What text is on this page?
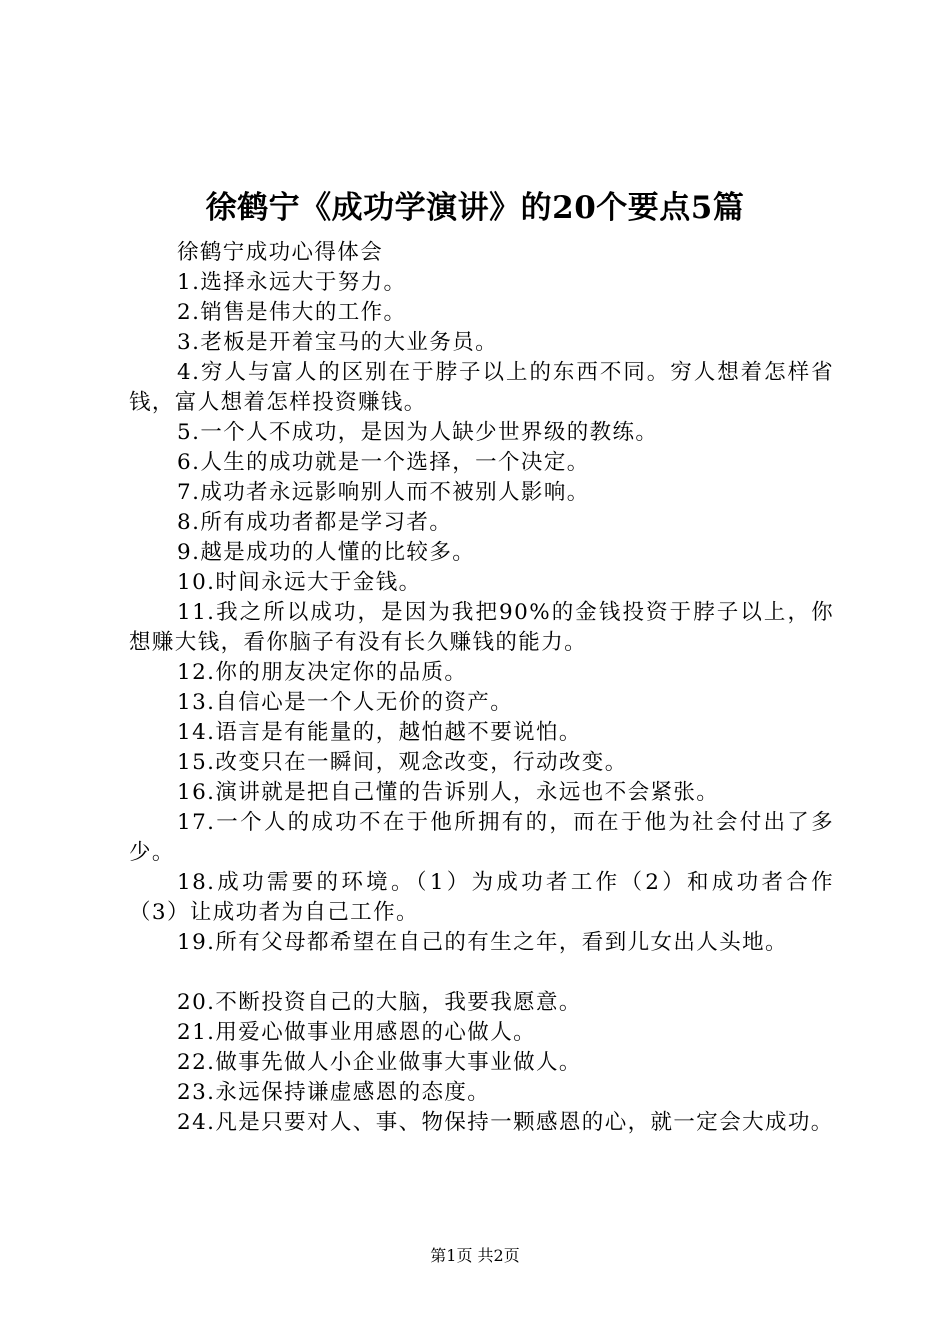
徐鹤宁《成功学演讲》的20个要点5篇

徐鹤宁成功心得体会

1.选择永远大于努力。

2.销售是伟大的工作。

3.老板是开着宝马的大业务员。

4.穷人与富人的区别在于脖子以上的东西不同。穷人想着怎样省钱，富人想着怎样投资赚钱。

5.一个人不成功，是因为人缺少世界级的教练。

6.人生的成功就是一个选择，一个决定。

7.成功者永远影响别人而不被别人影响。

8.所有成功者都是学习者。

9.越是成功的人懂的比较多。

10.时间永远大于金钱。

11.我之所以成功，是因为我把90%的金钱投资于脖子以上，你想赚大钱，看你脑子有没有长久赚钱的能力。

12.你的朋友决定你的品质。

13.自信心是一个人无价的资产。

14.语言是有能量的，越怕越不要说怕。

15.改变只在一瞬间，观念改变，行动改变。

16.演讲就是把自己懂的告诉别人，永远也不会紧张。

17.一个人的成功不在于他所拥有的，而在于他为社会付出了多少。

18.成功需要的环境。（1）为成功者工作（2）和成功者合作（3）让成功者为自己工作。

19.所有父母都希望在自己的有生之年，看到儿女出人头地。

20.不断投资自己的大脑，我要我愿意。

21.用爱心做事业用感恩的心做人。

22.做事先做人小企业做事大事业做人。

23.永远保持谦虚感恩的态度。

24.凡是只要对人、事、物保持一颗感恩的心，就一定会大成功。

第1页 共2页
